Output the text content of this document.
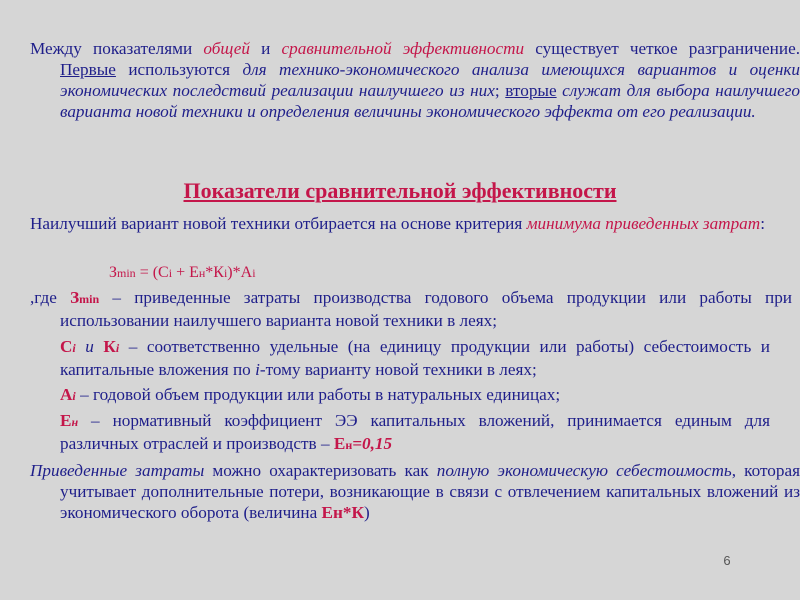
Между показателями общей и сравнительной эффективности существует четкое разграничение. Первые используются для технико-экономического анализа имеющихся вариантов и оценки экономических последствий реализации наилучшего из них; вторые служат для выбора наилучшего варианта новой техники и определения величины экономического эффекта от его реализации.
Показатели сравнительной эффективности
Наилучший вариант новой техники отбирается на основе критерия минимума приведенных затрат:
Зmin = (Сi + Ен*Кi)*Аi
,где Зmin – приведенные затраты производства годового объема продукции или работы при использовании наилучшего варианта новой техники в леях;
Сi и Кi – соответственно удельные (на единицу продукции или работы) себестоимость и капитальные вложения по i-тому варианту новой техники в леях;
Аi – годовой объем продукции или работы в натуральных единицах;
Ен – нормативный коэффициент ЭЭ капитальных вложений, принимается единым для различных отраслей и производств – Ен=0,15
Приведенные затраты можно охарактеризовать как полную экономическую себестоимость, которая учитывает дополнительные потери, возникающие в связи с отвлечением капитальных вложений из экономического оборота (величина Ен*К)
6
